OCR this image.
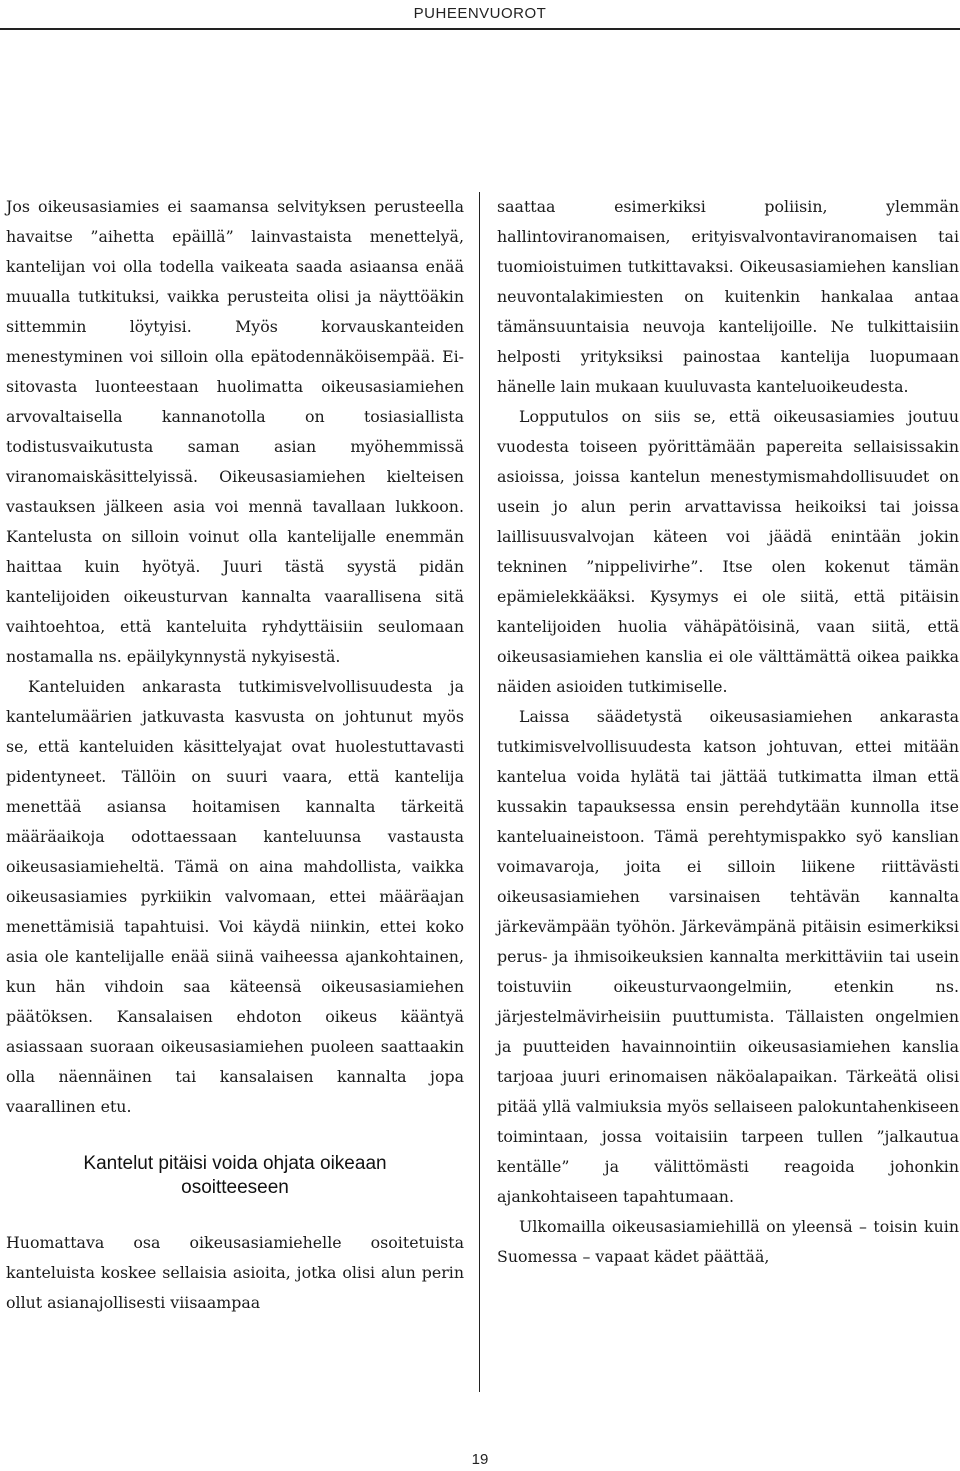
PUHEENVUOROT

Jos oikeusasiamies ei saamansa selvityksen perusteella havaitse ”aihetta epäillä” lainvastaista menettelyä, kantelijan voi olla todella vaikeata saada asiaansa enää muualla tutkituksi, vaikka perusteita olisi ja näyttöäkin sittemmin löytyisi. Myös korvauskanteiden menestyminen voi silloin olla epätodennäköisempää. Ei-sitovasta luonteestaan huolimatta oikeusasiamiehen arvovaltaisella kannanotolla on tosiasiallista todistusvaikutusta saman asian myöhemmissä viranomaiskäsittelyissä. Oikeusasiamiehen kielteisen vastauksen jälkeen asia voi mennä tavallaan lukkoon. Kantelusta on silloin voinut olla kantelijalle enemmän haittaa kuin hyötyä. Juuri tästä syystä pidän kantelijoiden oikeusturvan kannalta vaarallisena sitä vaihtoehtoa, että kanteluita ryhdyttäisiin seulomaan nostamalla ns. epäilykynnystä nykyisestä.

Kanteluiden ankarasta tutkimisvelvollisuudesta ja kantelumäärien jatkuvasta kasvusta on johtunut myös se, että kanteluiden käsittelyajat ovat huolestuttavasti pidentyneet. Tällöin on suuri vaara, että kantelija menettää asiansa hoitamisen kannalta tärkeitä määräaikoja odottaessaan kanteluunsa vastausta oikeusasiamieheltä. Tämä on aina mahdollista, vaikka oikeusasiamies pyrkiikin valvomaan, ettei määräajan menettämisiä tapahtuisi. Voi käydä niinkin, ettei koko asia ole kantelijalle enää siinä vaiheessa ajankohtainen, kun hän vihdoin saa käteensä oikeusasiamiehen päätöksen. Kansalaisen ehdoton oikeus kääntyä asiassaan suoraan oikeusasiamiehen puoleen saattaakin olla näennäinen tai kansalaisen kannalta jopa vaarallinen etu.

Kantelut pitäisi voida ohjata oikeaan osoitteeseen

Huomattava osa oikeusasiamiehelle osoitetuista kanteluista koskee sellaisia asioita, jotka olisi alun perin ollut asianajollisesti viisaampaa

saattaa esimerkiksi poliisin, ylemmän hallintoviranomaisen, erityisvalvontaviranomaisen tai tuomioistuimen tutkittavaksi. Oikeusasiamiehen kanslian neuvontalakimiesten on kuitenkin hankalaa antaa tämänsuuntaisia neuvoja kantelijoille. Ne tulkittaisiin helposti yrityksiksi painostaa kantelija luopumaan hänelle lain mukaan kuuluvasta kanteluoikeudesta.

Lopputulos on siis se, että oikeusasiamies joutuu vuodesta toiseen pyörittämään papereita sellaisissakin asioissa, joissa kantelun menestymismahdollisuudet on usein jo alun perin arvattavissa heikoiksi tai joissa laillisuusvalvojan käteen voi jäädä enintään jokin tekninen ”nippelivirhe”. Itse olen kokenut tämän epämielekkääksi. Kysymys ei ole siitä, että pitäisin kantelijoiden huolia vähäpätöisinä, vaan siitä, että oikeusasiamiehen kanslia ei ole välttämättä oikea paikka näiden asioiden tutkimiselle.

Laissa säädetystä oikeusasiamiehen ankarasta tutkimisvelvollisuudesta katson johtuvan, ettei mitään kantelua voida hylätä tai jättää tutkimatta ilman että kussakin tapauksessa ensin perehdytään kunnolla itse kanteluaineistoon. Tämä perehtymispakko syö kanslian voimavaroja, joita ei silloin liikene riittävästi oikeusasiamiehen varsinaisen tehtävän kannalta järkevämpään työhön. Järkevämpänä pitäisin esimerkiksi perus- ja ihmisoikeuksien kannalta merkittäviin tai usein toistuviin oikeusturvaongelmiin, etenkin ns. järjestelmävirheisiin puuttumista. Tällaisten ongelmien ja puutteiden havainnointiin oikeusasiamiehen kanslia tarjoaa juuri erinomaisen näköalapaikan. Tärkeätä olisi pitää yllä valmiuksia myös sellaiseen palokuntahenkiseen toimintaan, jossa voitaisiin tarpeen tullen ”jalkautua kentälle” ja välittömästi reagoida johonkin ajankohtaiseen tapahtumaan.

Ulkomailla oikeusasiamiehillä on yleensä – toisin kuin Suomessa – vapaat kädet päättää,

19
